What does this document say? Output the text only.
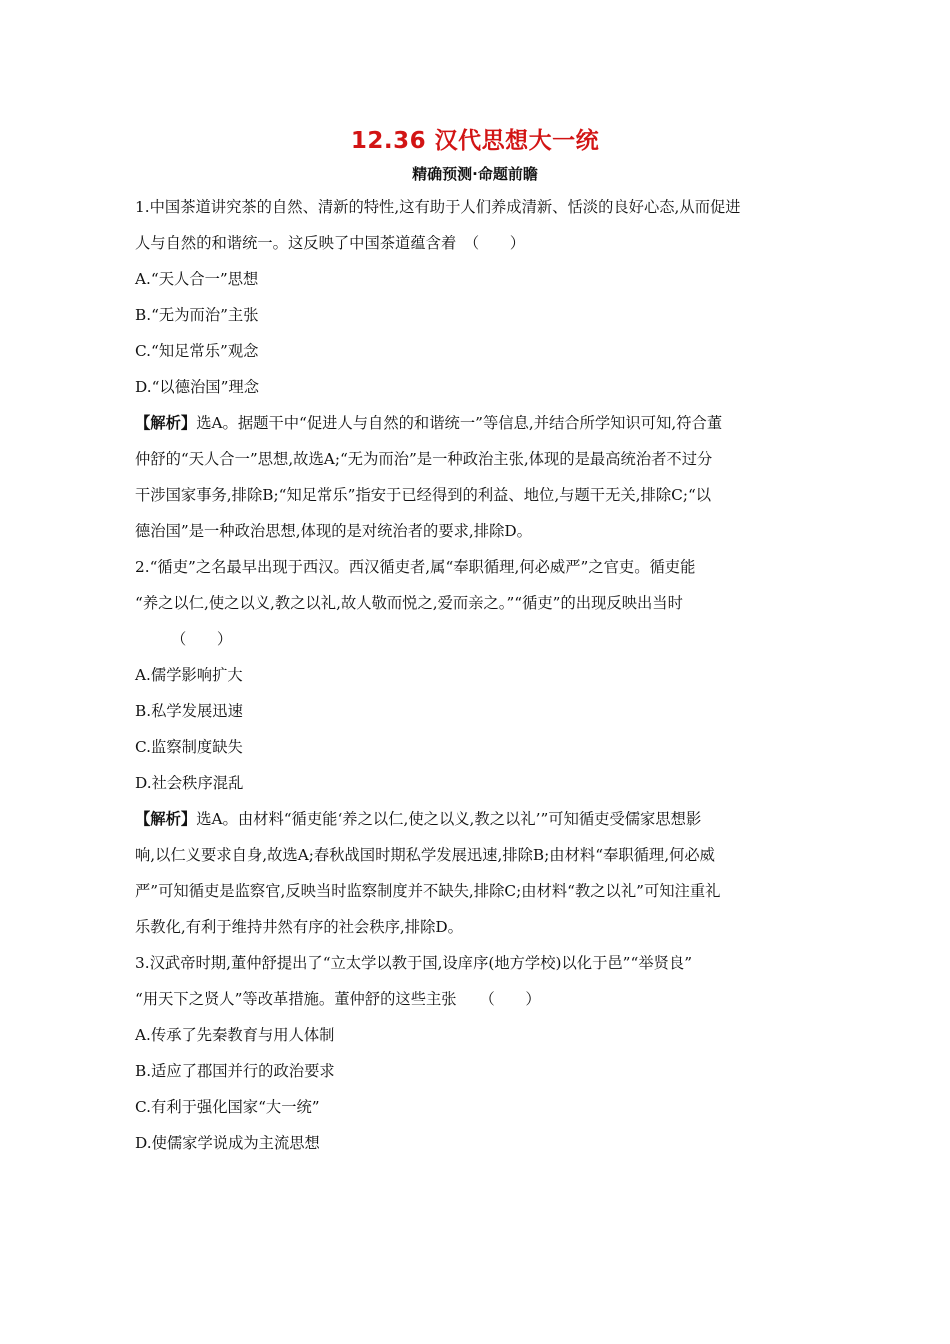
12.36 汉代思想大一统
精确预测·命题前瞻

1.中国茶道讲究茶的自然、清新的特性,这有助于人们养成清新、恬淡的良好心态,从而促进

人与自然的和谐统一。这反映了中国茶道蕴含着　（　　）

A.“天人合一”思想

B.“无为而治”主张

C.“知足常乐”观念

D.“以德治国”理念

【解析】选A。据题干中“促进人与自然的和谐统一”等信息,并结合所学知识可知,符合董

仲舒的“天人合一”思想,故选A;“无为而治”是一种政治主张,体现的是最高统治者不过分

干涉国家事务,排除B;“知足常乐”指安于已经得到的利益、地位,与题干无关,排除C;“以

德治国”是一种政治思想,体现的是对统治者的要求,排除D。

2.“循吏”之名最早出现于西汉。西汉循吏者,属“奉职循理,何必威严”之官吏。循吏能

“养之以仁,使之以义,教之以礼,故人敬而悦之,爱而亲之。”“循吏”的出现反映出当时

（　　）

A.儒学影响扩大

B.私学发展迅速

C.监察制度缺失

D.社会秩序混乱

【解析】选A。由材料“循吏能‘养之以仁,使之以义,教之以礼’”可知循吏受儒家思想影

响,以仁义要求自身,故选A;春秋战国时期私学发展迅速,排除B;由材料“奉职循理,何必威

严”可知循吏是监察官,反映当时监察制度并不缺失,排除C;由材料“教之以礼”可知注重礼

乐教化,有利于维持井然有序的社会秩序,排除D。

3.汉武帝时期,董仲舒提出了“立太学以教于国,设庠序(地方学校)以化于邑”“举贤良”

“用天下之贤人”等改革措施。董仲舒的这些主张　　（　　）

A.传承了先秦教育与用人体制

B.适应了郡国并行的政治要求

C.有利于强化国家“大一统”

D.使儒家学说成为主流思想
